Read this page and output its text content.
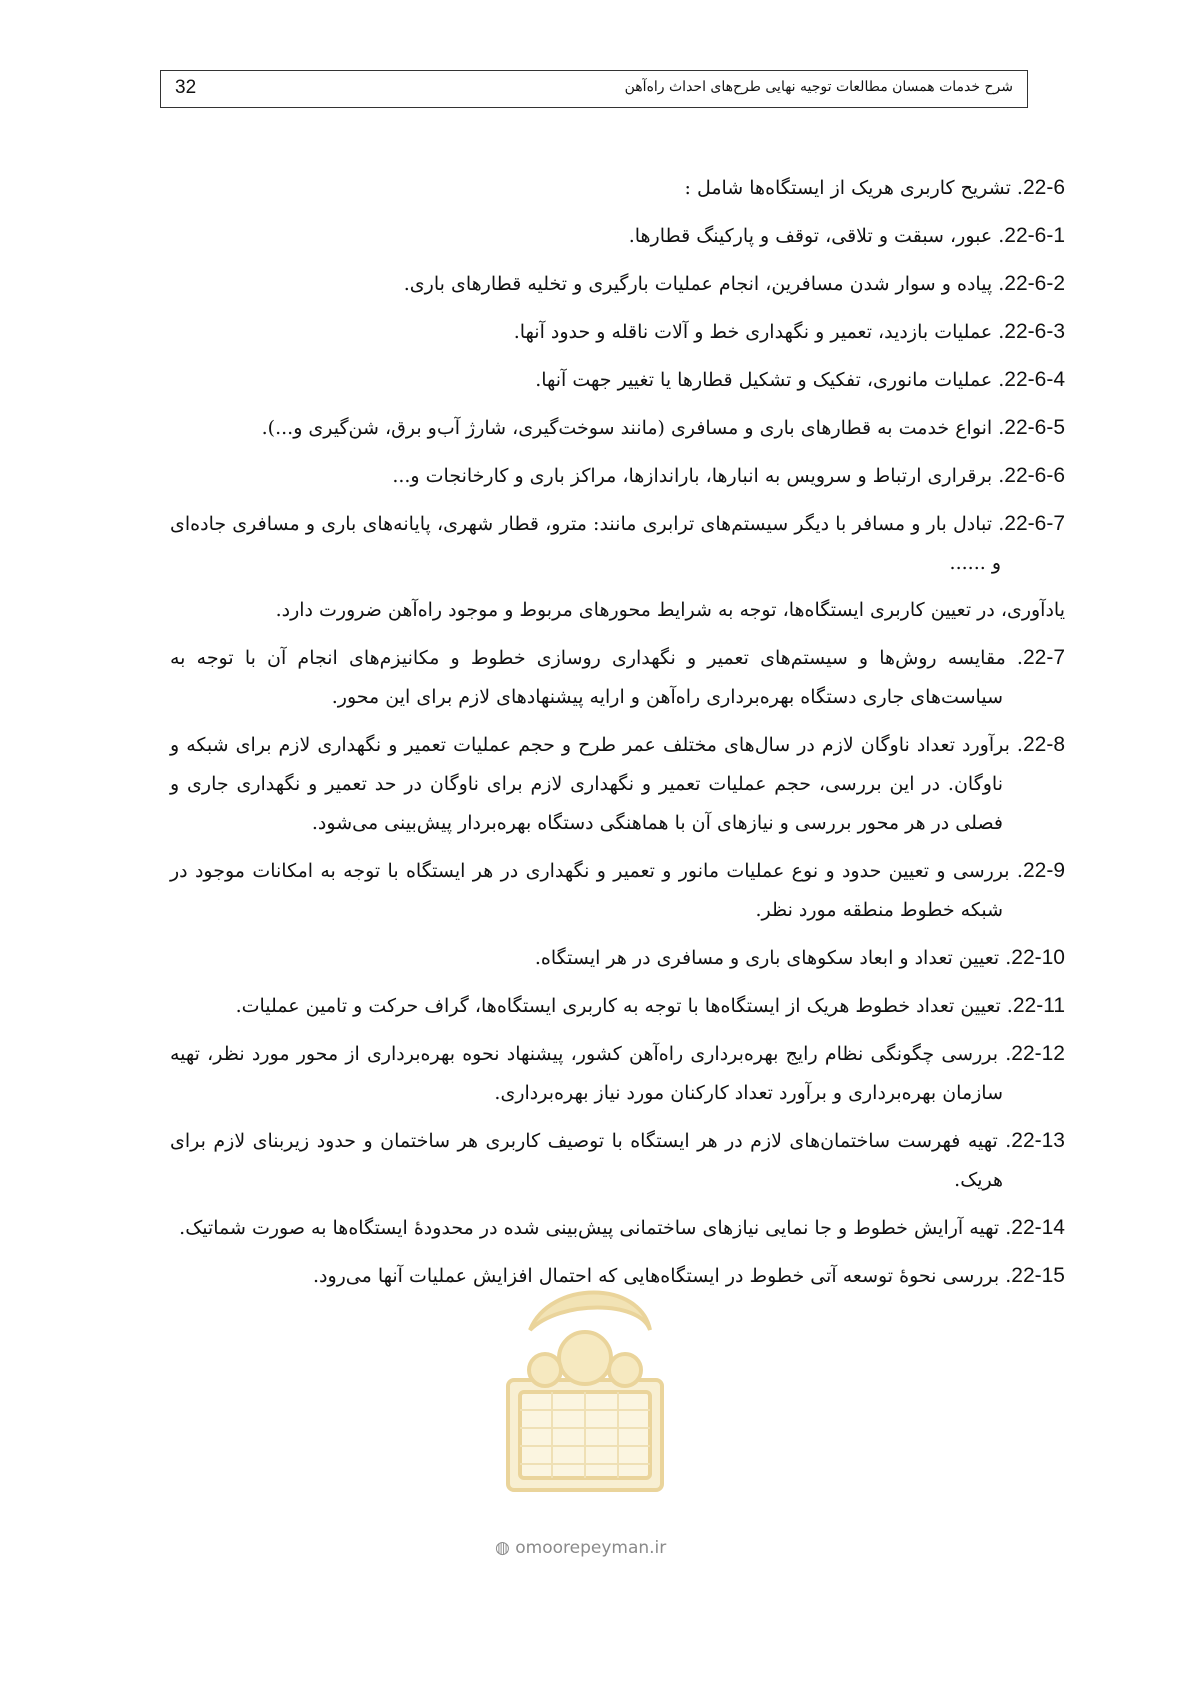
32	شرح خدمات همسان مطالعات توجیه نهایی طرح‌های احداث راه‌آهن
22-6. تشریح کاربری هریک از ایستگاه‌ها شامل :
22-6-1. عبور، سبقت و تلاقی، توقف و پارکینگ قطارها.
22-6-2. پیاده و سوار شدن مسافرین، انجام عملیات بارگیری و تخلیه قطارهای باری.
22-6-3. عملیات بازدید، تعمیر و نگهداری خط و آلات ناقله و حدود آنها.
22-6-4. عملیات مانوری، تفکیک و تشکیل قطارها یا تغییر جهت آنها.
22-6-5. انواع خدمت به قطارهای باری و مسافری (مانند سوخت‌گیری، شارژ آب‌و برق، شن‌گیری و...).
22-6-6. برقراری ارتباط و سرویس به انبارها، باراندازها، مراکز باری و کارخانجات و...
22-6-7. تبادل بار و مسافر با دیگر سیستم‌های ترابری مانند: مترو، قطار شهری، پایانه‌های باری و مسافری جاده‌ای و ......
یادآوری، در تعیین کاربری ایستگاه‌ها، توجه به شرایط محورهای مربوط و موجود راه‌آهن ضرورت دارد.
22-7. مقایسه روش‌ها و سیستم‌های تعمیر و نگهداری روسازی خطوط و مکانیزم‌های انجام آن با توجه به سیاست‌های جاری دستگاه بهره‌برداری راه‌آهن و ارایه پیشنهادهای لازم برای این محور.
22-8. برآورد تعداد ناوگان لازم در سال‌های مختلف عمر طرح و حجم عملیات تعمیر و نگهداری لازم برای شبکه و ناوگان. در این بررسی، حجم عملیات تعمیر و نگهداری لازم برای ناوگان در حد تعمیر و نگهداری جاری و فصلی در هر محور بررسی و نیازهای آن با هماهنگی دستگاه بهره‌بردار پیش‌بینی می‌شود.
22-9. بررسی و تعیین حدود و نوع عملیات مانور و تعمیر و نگهداری در هر ایستگاه با توجه به امکانات موجود در شبکه خطوط منطقه مورد نظر.
22-10. تعیین تعداد و ابعاد سکوهای باری و مسافری در هر ایستگاه.
22-11. تعیین تعداد خطوط هریک از ایستگاه‌ها با توجه به کاربری ایستگاه‌ها، گراف حرکت و تامین عملیات.
22-12. بررسی چگونگی نظام رایج بهره‌برداری راه‌آهن کشور، پیشنهاد نحوه بهره‌برداری از محور مورد نظر، تهیه سازمان بهره‌برداری و برآورد تعداد کارکنان مورد نیاز بهره‌برداری.
22-13. تهیه فهرست ساختمان‌های لازم در هر ایستگاه با توصیف کاربری هر ساختمان و حدود زیربنای لازم برای هریک.
22-14. تهیه آرایش خطوط و جا نمایی نیازهای ساختمانی پیش‌بینی شده در محدودهٔ ایستگاه‌ها به صورت شماتیک.
22-15. بررسی نحوهٔ توسعه آتی خطوط در ایستگاه‌هایی که احتمال افزایش عملیات آنها می‌رود.
◍ omoorepeyman.ir
